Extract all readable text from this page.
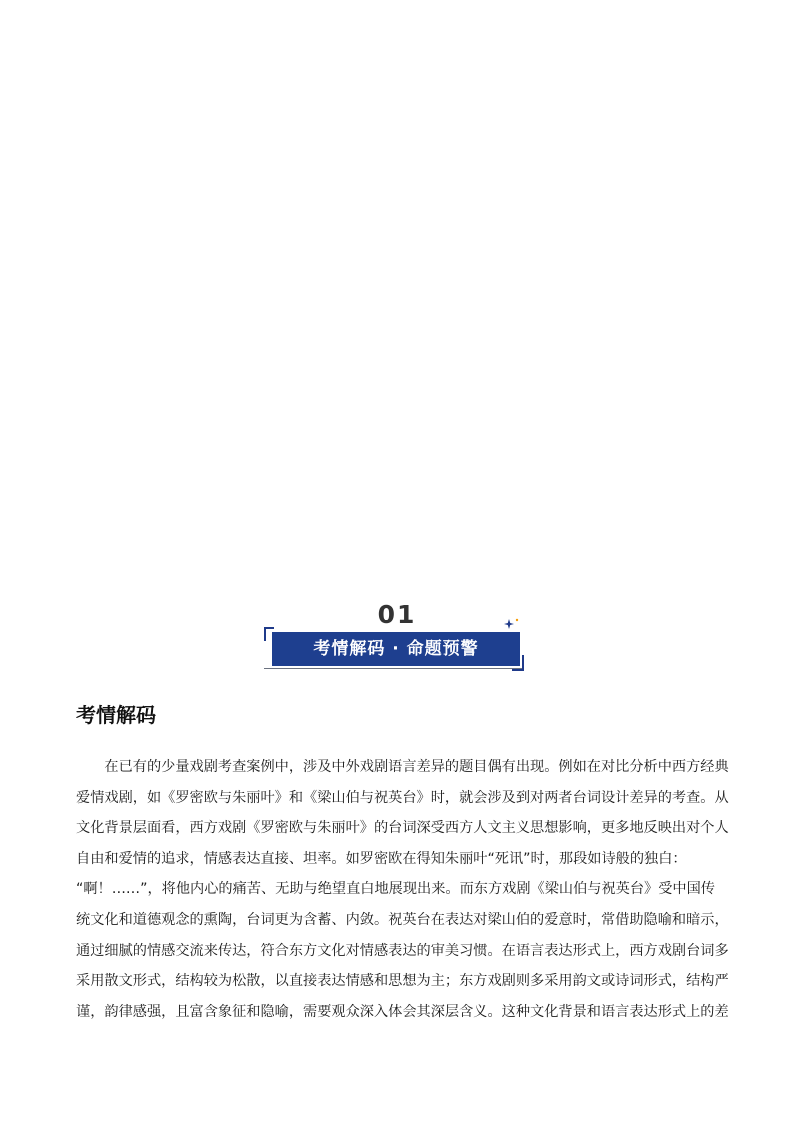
01
考情解码 · 命题预警
考情解码
　　在已有的少量戏剧考查案例中，涉及中外戏剧语言差异的题目偶有出现。例如在对比分析中西方经典
爱情戏剧，如《罗密欧与朱丽叶》和《梁山伯与祝英台》时，就会涉及到对两者台词设计差异的考查。从
文化背景层面看，西方戏剧《罗密欧与朱丽叶》的台词深受西方人文主义思想影响，更多地反映出对个人
自由和爱情的追求，情感表达直接、坦率。如罗密欧在得知朱丽叶“死讯”时，那段如诗般的独白：
“啊！……”，将他内心的痛苦、无助与绝望直白地展现出来。而东方戏剧《梁山伯与祝英台》受中国传
统文化和道德观念的熏陶，台词更为含蓄、内敛。祝英台在表达对梁山伯的爱意时，常借助隐喻和暗示，
通过细腻的情感交流来传达，符合东方文化对情感表达的审美习惯。在语言表达形式上，西方戏剧台词多
采用散文形式，结构较为松散，以直接表达情感和思想为主；东方戏剧则多采用韵文或诗词形式，结构严
谨，韵律感强，且富含象征和隐喻，需要观众深入体会其深层含义。这种文化背景和语言表达形式上的差
